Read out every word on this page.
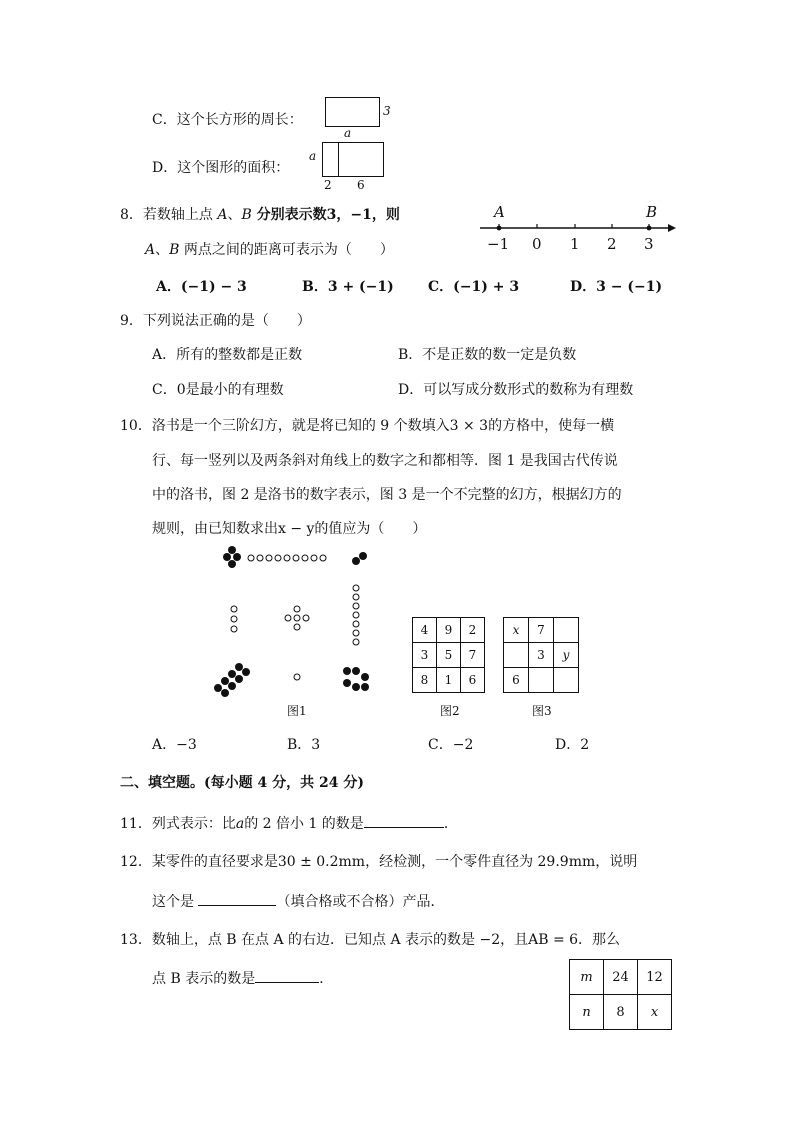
C．这个长方形的周长：
3
a
D．这个图形的面积：
a
2 6
8．若数轴上点 A、B 分别表示数3，−1，则
A、B 两点之间的距离可表示为（　　）
A	B
−1 0 1 2 3
A．(−1) − 3	B．3 + (−1) C．(−1) + 3	D．3 − (−1)
9．下列说法正确的是（　　）
A．所有的整数都是正数	B．不是正数的数一定是负数
C．0是最小的有理数	D．可以写成分数形式的数称为有理数
10．洛书是一个三阶幻方，就是将已知的 9 个数填入3 × 3的方格中，使每一横
行、每一竖列以及两条斜对角线上的数字之和都相等．图 1 是我国古代传说
中的洛书，图 2 是洛书的数字表示，图 3 是一个不完整的幻方，根据幻方的
规则，由已知数求出x − y的值应为（　　）
图1
4	9	2
3	5	7
8	1	6
图2
x	7	
	3	y
6		
图3
A．−3	B．3	C．−2	D．2
二、填空题。(每小题 4 分，共 24 分)
11．列式表示：比a的 2 倍小 1 的数是	．
12．某零件的直径要求是30 ± 0.2mm，经检测，一个零件直径为 29.9mm，说明
这个是	（填合格或不合格）产品．
13．数轴上，点 B 在点 A 的右边．已知点 A 表示的数是 −2，且AB = 6．那么
点 B 表示的数是	．	m	24	12
n	8	x
